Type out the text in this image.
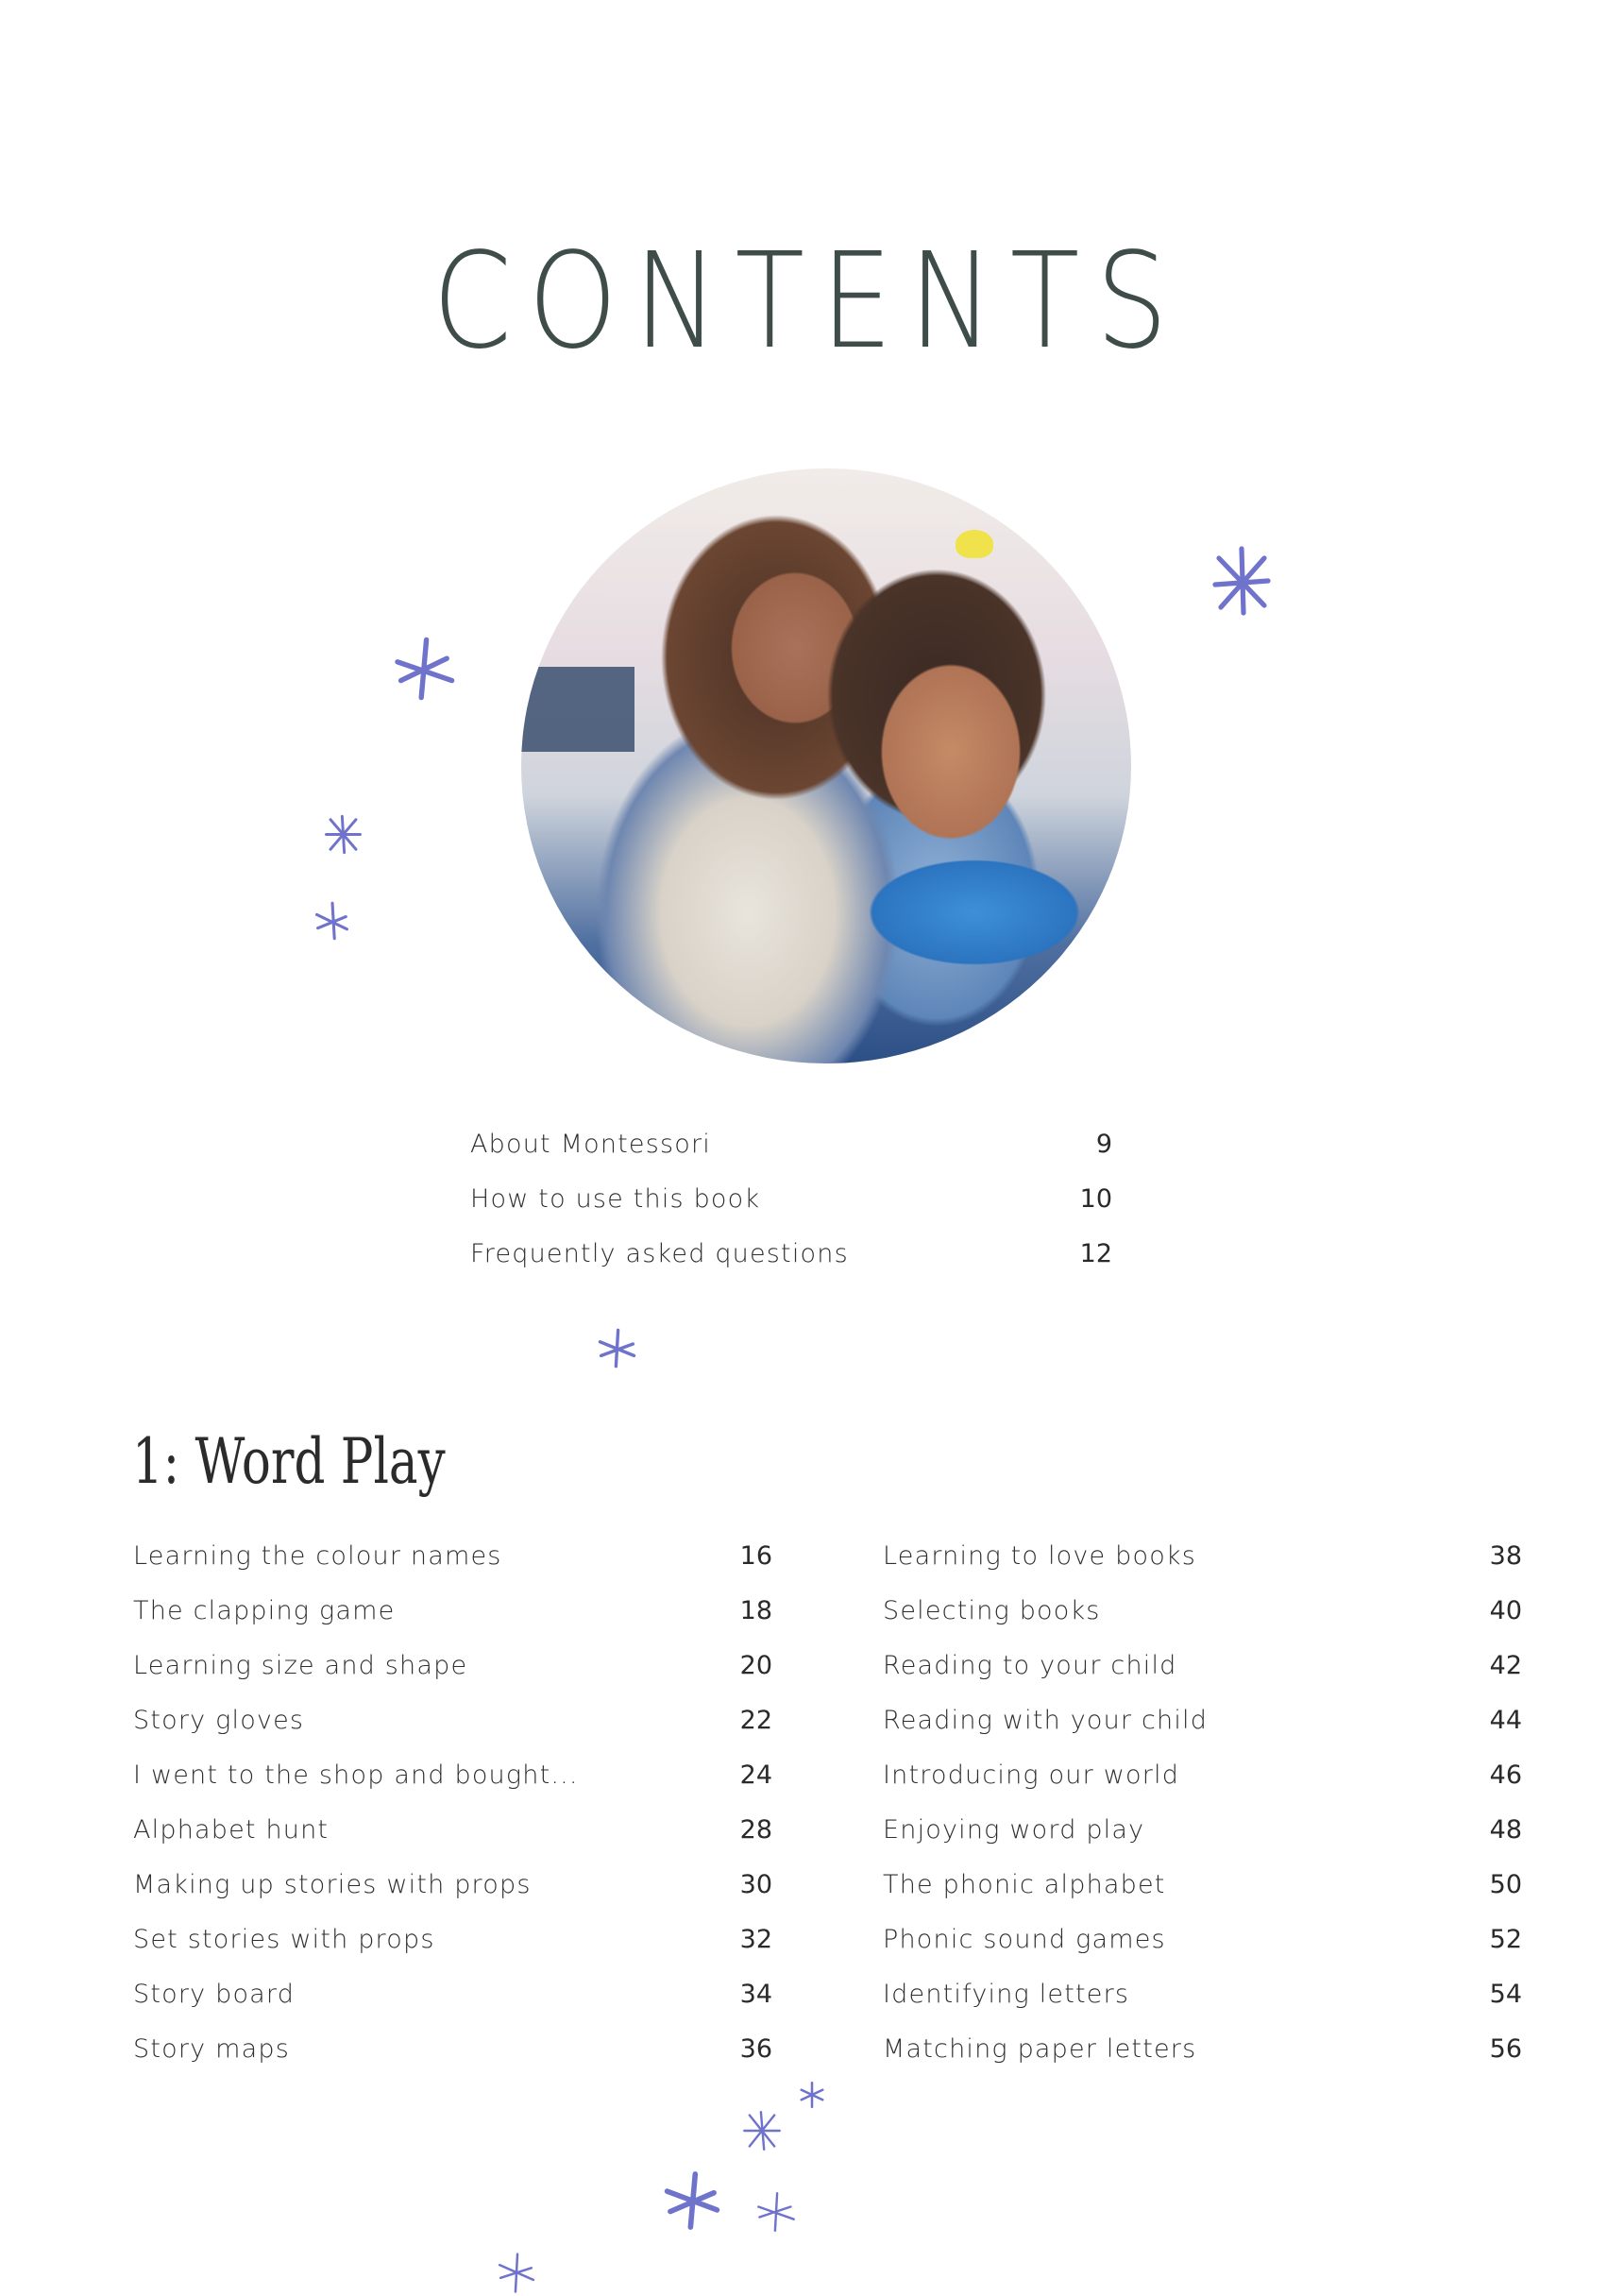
CONTENTS
About Montessori	9
How to use this book	10
Frequently asked questions	12
1: Word Play
Learning the colour names	16
The clapping game	18
Learning size and shape	20
Story gloves	22
I went to the shop and bought...	24
Alphabet hunt	28
Making up stories with props	30
Set stories with props	32
Story board	34
Story maps	36
Learning to love books	38
Selecting books	40
Reading to your child	42
Reading with your child	44
Introducing our world	46
Enjoying word play	48
The phonic alphabet	50
Phonic sound games	52
Identifying letters	54
Matching paper letters	56
